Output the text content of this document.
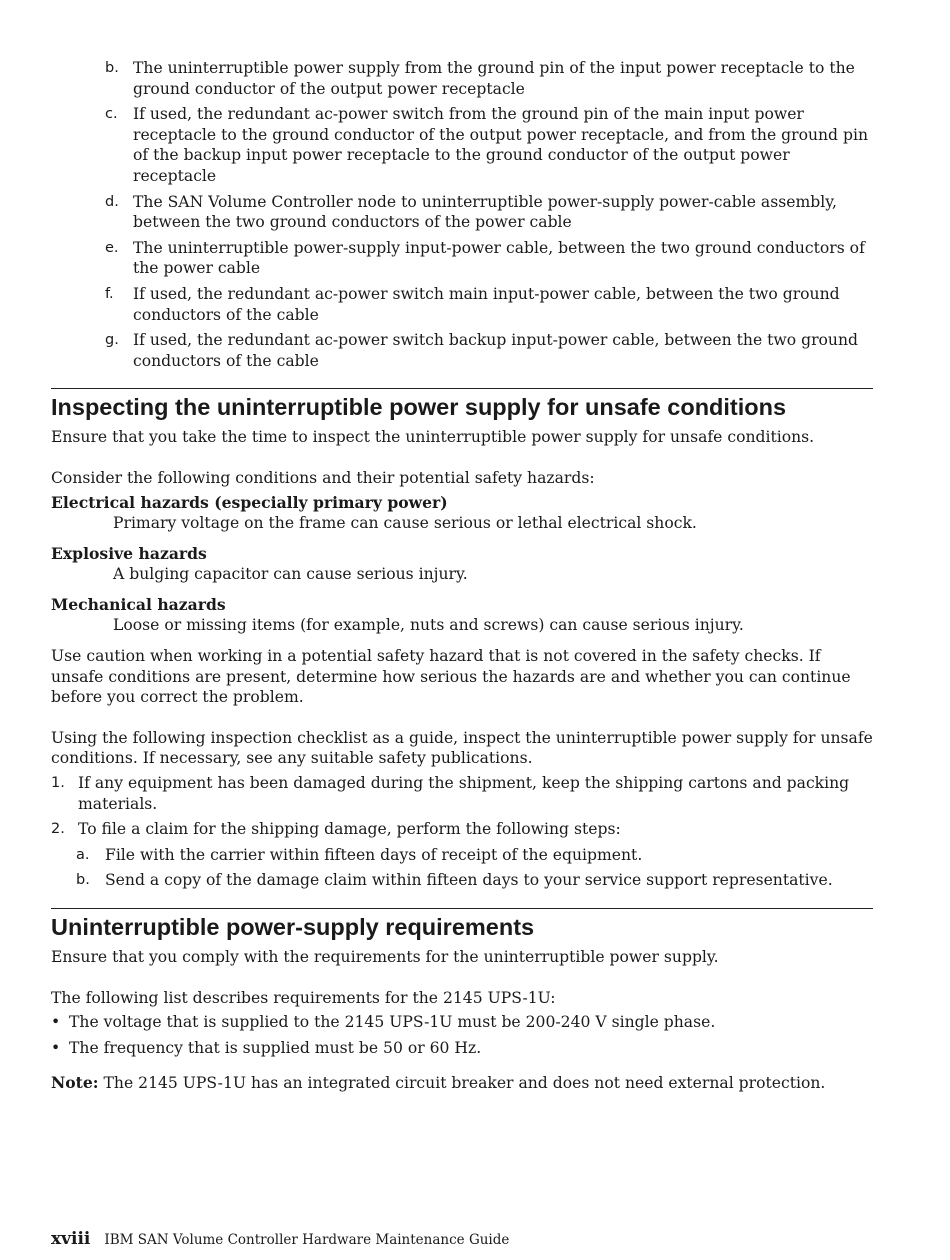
b. The uninterruptible power supply from the ground pin of the input power receptacle to the ground conductor of the output power receptacle
c. If used, the redundant ac-power switch from the ground pin of the main input power receptacle to the ground conductor of the output power receptacle, and from the ground pin of the backup input power receptacle to the ground conductor of the output power receptacle
d. The SAN Volume Controller node to uninterruptible power-supply power-cable assembly, between the two ground conductors of the power cable
e. The uninterruptible power-supply input-power cable, between the two ground conductors of the power cable
f. If used, the redundant ac-power switch main input-power cable, between the two ground conductors of the cable
g. If used, the redundant ac-power switch backup input-power cable, between the two ground conductors of the cable
Inspecting the uninterruptible power supply for unsafe conditions

Ensure that you take the time to inspect the uninterruptible power supply for unsafe conditions.

Consider the following conditions and their potential safety hazards:

Electrical hazards (especially primary power)
Primary voltage on the frame can cause serious or lethal electrical shock.
Explosive hazards
A bulging capacitor can cause serious injury.
Mechanical hazards
Loose or missing items (for example, nuts and screws) can cause serious injury.

Use caution when working in a potential safety hazard that is not covered in the safety checks. If unsafe conditions are present, determine how serious the hazards are and whether you can continue before you correct the problem.

Using the following inspection checklist as a guide, inspect the uninterruptible power supply for unsafe conditions. If necessary, see any suitable safety publications.

1. If any equipment has been damaged during the shipment, keep the shipping cartons and packing materials.
2. To file a claim for the shipping damage, perform the following steps:
a. File with the carrier within fifteen days of receipt of the equipment.
b. Send a copy of the damage claim within fifteen days to your service support representative.
Uninterruptible power-supply requirements

Ensure that you comply with the requirements for the uninterruptible power supply.

The following list describes requirements for the 2145 UPS-1U:

• The voltage that is supplied to the 2145 UPS-1U must be 200-240 V single phase.
• The frequency that is supplied must be 50 or 60 Hz.

Note: The 2145 UPS-1U has an integrated circuit breaker and does not need external protection.

xviii IBM SAN Volume Controller Hardware Maintenance Guide
